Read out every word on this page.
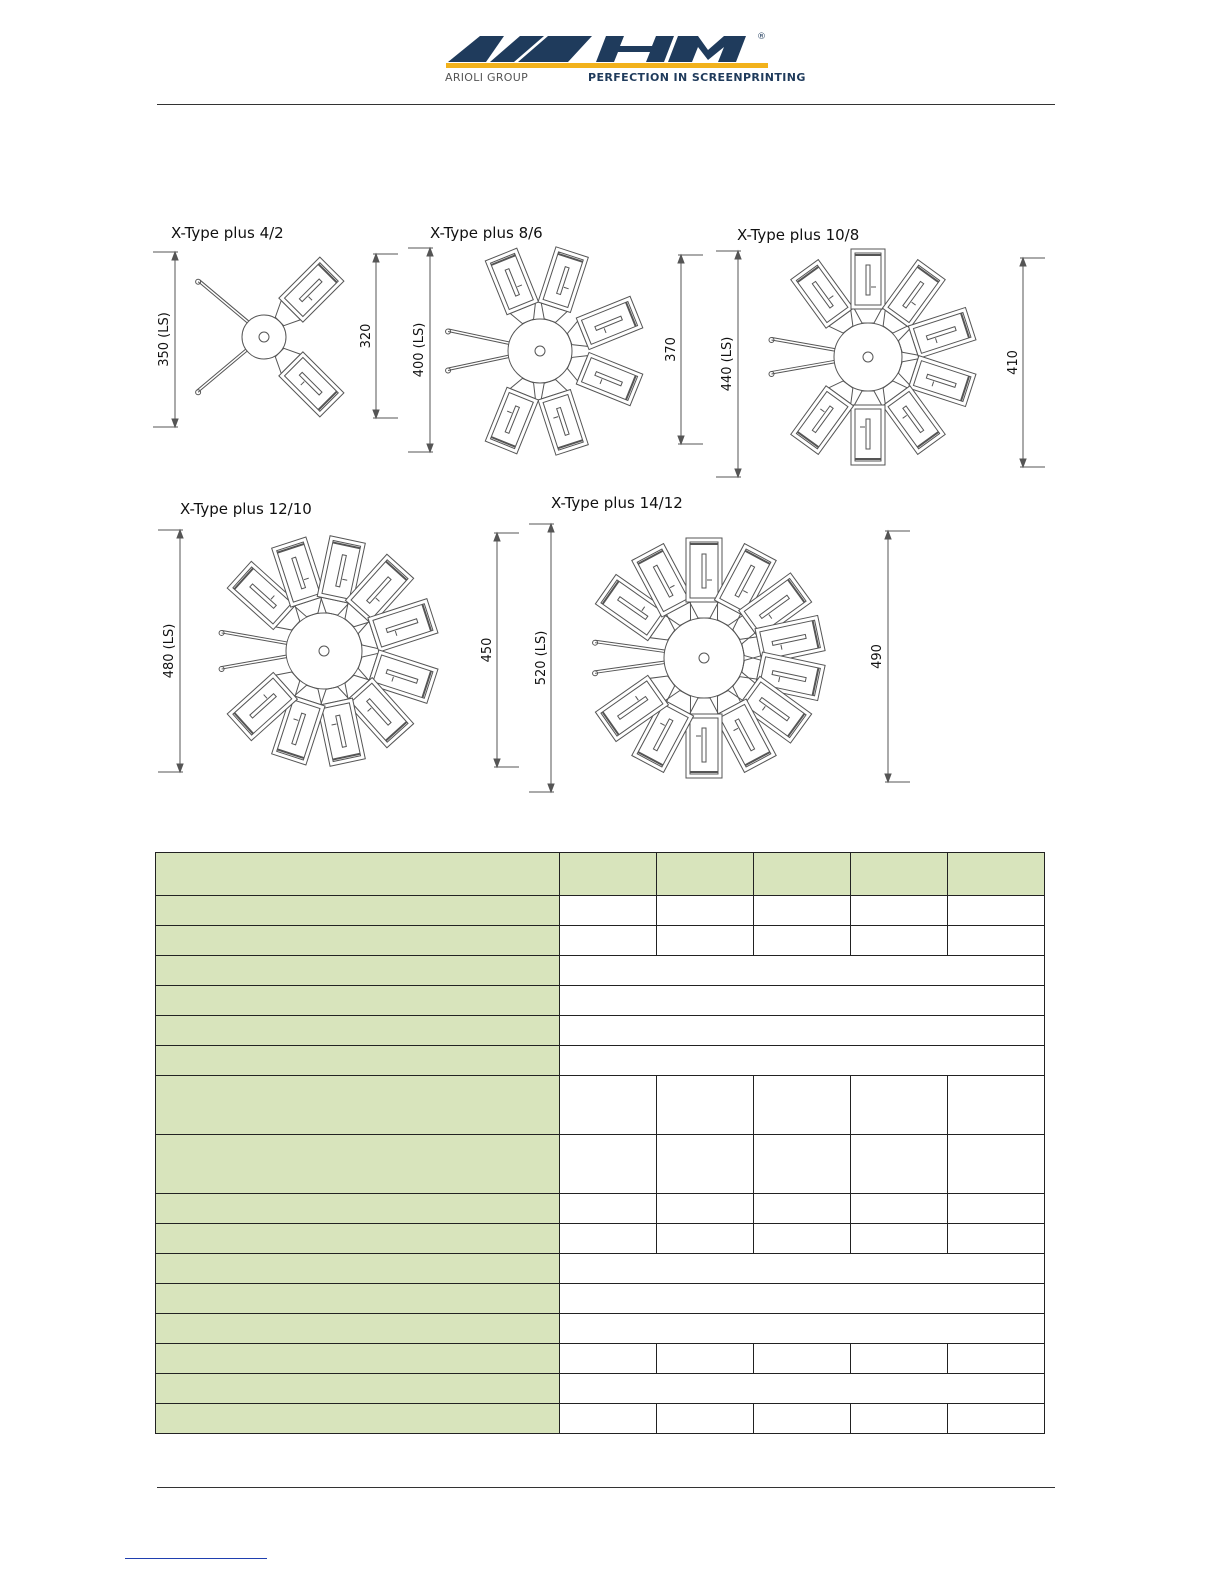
®
ARIOLI GROUP	PERFECTION IN SCREENPRINTING
X-Type plus 4/2	X-Type plus 8/6	X-Type plus 10/8
X-Type plus 12/10	X-Type plus 14/12
350 (LS)	320	400 (LS)	370	440 (LS)	410
480 (LS)	450	520 (LS)	490
